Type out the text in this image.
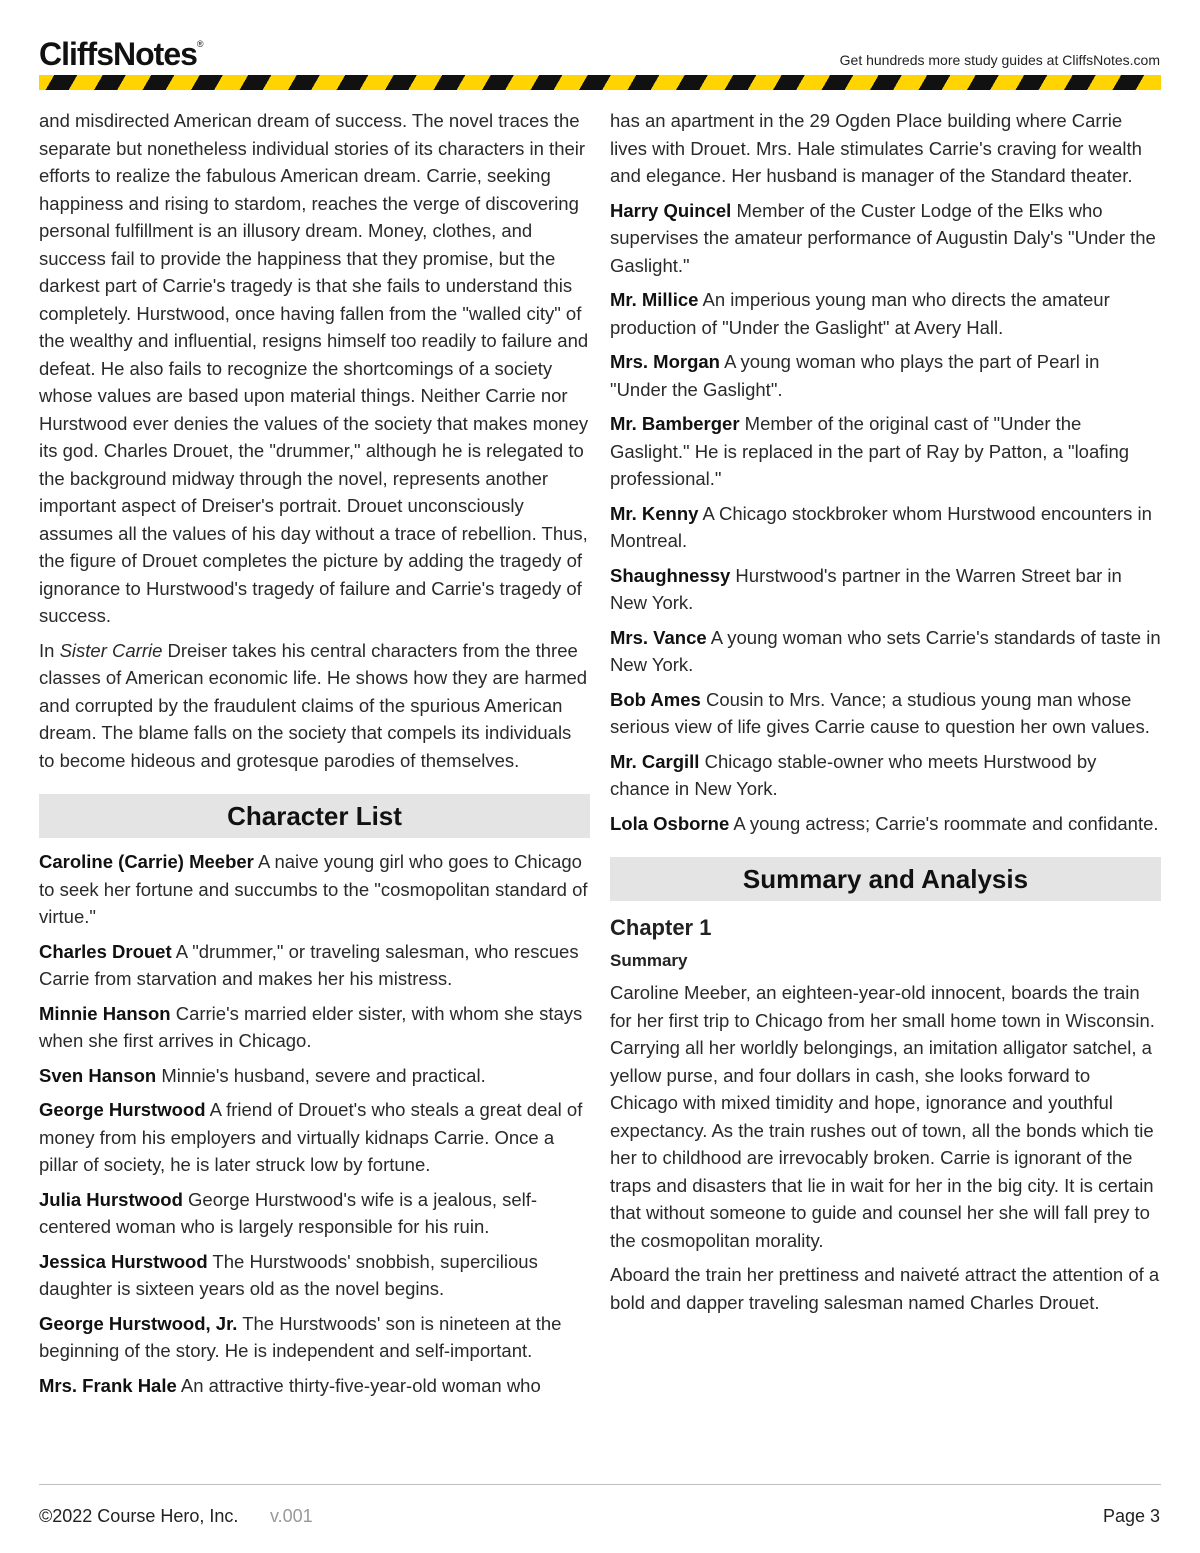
CliffsNotes®
Get hundreds more study guides at CliffsNotes.com

and misdirected American dream of success. The novel traces the separate but nonetheless individual stories of its characters in their efforts to realize the fabulous American dream. Carrie, seeking happiness and rising to stardom, reaches the verge of discovering personal fulfillment is an illusory dream. Money, clothes, and success fail to provide the happiness that they promise, but the darkest part of Carrie's tragedy is that she fails to understand this completely. Hurstwood, once having fallen from the "walled city" of the wealthy and influential, resigns himself too readily to failure and defeat. He also fails to recognize the shortcomings of a society whose values are based upon material things. Neither Carrie nor Hurstwood ever denies the values of the society that makes money its god. Charles Drouet, the "drummer," although he is relegated to the background midway through the novel, represents another important aspect of Dreiser's portrait. Drouet unconsciously assumes all the values of his day without a trace of rebellion. Thus, the figure of Drouet completes the picture by adding the tragedy of ignorance to Hurstwood's tragedy of failure and Carrie's tragedy of success.

In Sister Carrie Dreiser takes his central characters from the three classes of American economic life. He shows how they are harmed and corrupted by the fraudulent claims of the spurious American dream. The blame falls on the society that compels its individuals to become hideous and grotesque parodies of themselves.

Character List

Caroline (Carrie) Meeber A naive young girl who goes to Chicago to seek her fortune and succumbs to the "cosmopolitan standard of virtue."

Charles Drouet A "drummer," or traveling salesman, who rescues Carrie from starvation and makes her his mistress.

Minnie Hanson Carrie's married elder sister, with whom she stays when she first arrives in Chicago.

Sven Hanson Minnie's husband, severe and practical.

George Hurstwood A friend of Drouet's who steals a great deal of money from his employers and virtually kidnaps Carrie. Once a pillar of society, he is later struck low by fortune.

Julia Hurstwood George Hurstwood's wife is a jealous, self-centered woman who is largely responsible for his ruin.

Jessica Hurstwood The Hurstwoods' snobbish, supercilious daughter is sixteen years old as the novel begins.

George Hurstwood, Jr. The Hurstwoods' son is nineteen at the beginning of the story. He is independent and self-important.

Mrs. Frank Hale An attractive thirty-five-year-old woman who

has an apartment in the 29 Ogden Place building where Carrie lives with Drouet. Mrs. Hale stimulates Carrie's craving for wealth and elegance. Her husband is manager of the Standard theater.

Harry Quincel Member of the Custer Lodge of the Elks who supervises the amateur performance of Augustin Daly's "Under the Gaslight."

Mr. Millice An imperious young man who directs the amateur production of "Under the Gaslight" at Avery Hall.

Mrs. Morgan A young woman who plays the part of Pearl in "Under the Gaslight".

Mr. Bamberger Member of the original cast of "Under the Gaslight." He is replaced in the part of Ray by Patton, a "loafing professional."

Mr. Kenny A Chicago stockbroker whom Hurstwood encounters in Montreal.

Shaughnessy Hurstwood's partner in the Warren Street bar in New York.

Mrs. Vance A young woman who sets Carrie's standards of taste in New York.

Bob Ames Cousin to Mrs. Vance; a studious young man whose serious view of life gives Carrie cause to question her own values.

Mr. Cargill Chicago stable-owner who meets Hurstwood by chance in New York.

Lola Osborne A young actress; Carrie's roommate and confidante.

Summary and Analysis
Chapter 1
Summary

Caroline Meeber, an eighteen-year-old innocent, boards the train for her first trip to Chicago from her small home town in Wisconsin. Carrying all her worldly belongings, an imitation alligator satchel, a yellow purse, and four dollars in cash, she looks forward to Chicago with mixed timidity and hope, ignorance and youthful expectancy. As the train rushes out of town, all the bonds which tie her to childhood are irrevocably broken. Carrie is ignorant of the traps and disasters that lie in wait for her in the big city. It is certain that without someone to guide and counsel her she will fall prey to the cosmopolitan morality.

Aboard the train her prettiness and naiveté attract the attention of a bold and dapper traveling salesman named Charles Drouet.

©2022 Course Hero, Inc. v.001	Page 3
